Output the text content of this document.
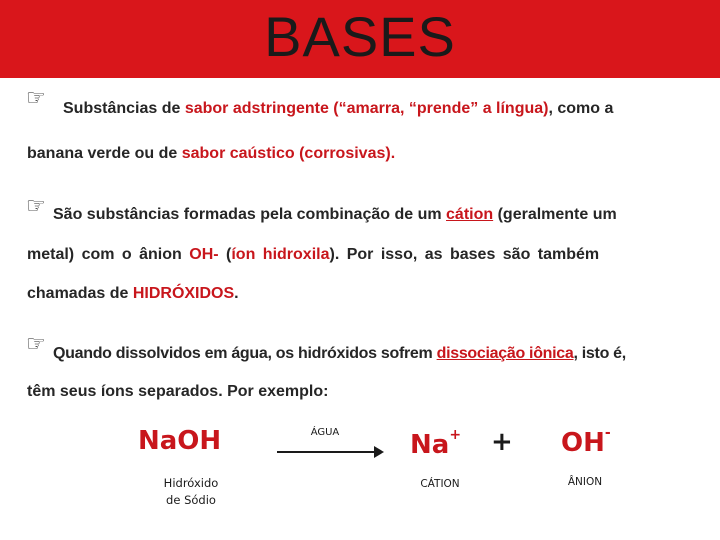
BASES
☞ Substâncias de sabor adstringente (“amarra, “prende” a língua), como a
banana verde ou de sabor caústico (corrosivas).
☞ São substâncias formadas pela combinação de um cátion (geralmente um
metal) com o ânion OH- (íon hidroxila). Por isso, as bases são também
chamadas de HIDRÓXIDOS.
☞ Quando dissolvidos em água, os hidróxidos sofrem dissociação iônica, isto é,
têm seus íons separados. Por exemplo:
NaOH
Hidróxido
de Sódio
ÁGUA	Na+
CÁTION
+ OH-
ÂNION
